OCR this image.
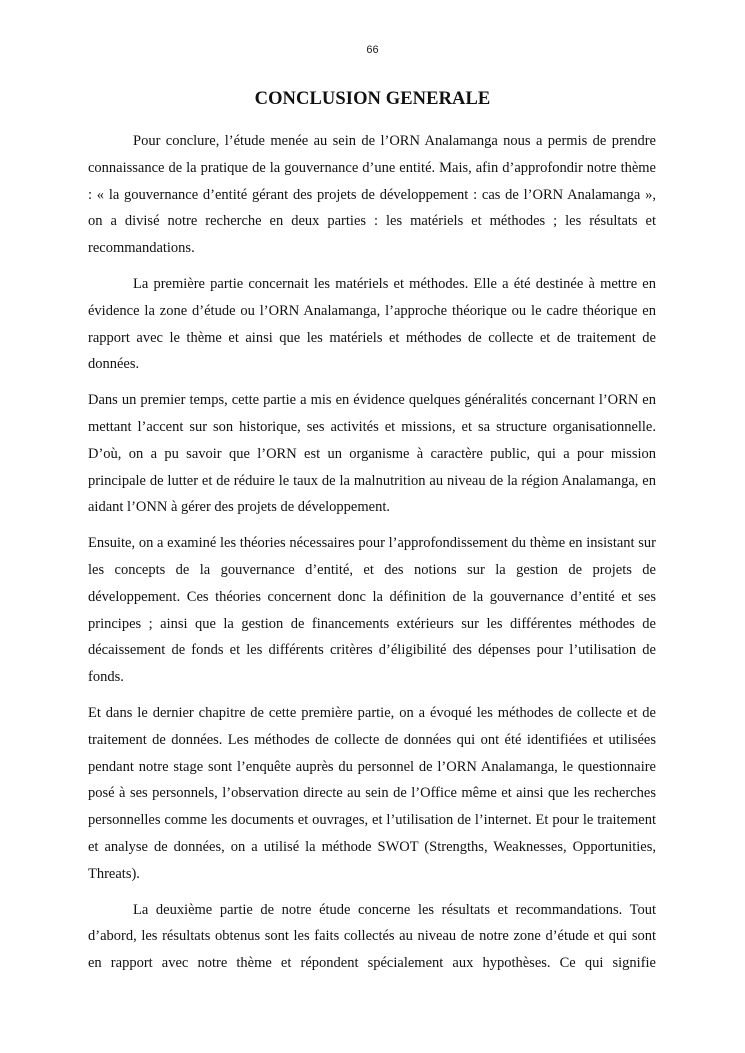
66
CONCLUSION GENERALE

Pour conclure, l’étude menée au sein de l’ORN Analamanga nous a permis de prendre connaissance de la pratique de la gouvernance d’une entité. Mais, afin d’approfondir notre thème : « la gouvernance d’entité gérant des projets de développement : cas de l’ORN Analamanga », on a divisé notre recherche en deux parties : les matériels et méthodes ; les résultats et recommandations.

La première partie concernait les matériels et méthodes. Elle a été destinée à mettre en évidence la zone d’étude ou l’ORN Analamanga, l’approche théorique ou le cadre théorique en rapport avec le thème et ainsi que les matériels et méthodes de collecte et de traitement de données.

Dans un premier temps, cette partie a mis en évidence quelques généralités concernant l’ORN en mettant l’accent sur son historique, ses activités et missions, et sa structure organisationnelle. D’où, on a pu savoir que l’ORN est un organisme à caractère public, qui a pour mission principale de lutter et de réduire le taux de la malnutrition au niveau de la région Analamanga, en aidant l’ONN à gérer des projets de développement.

Ensuite, on a examiné les théories nécessaires pour l’approfondissement du thème en insistant sur les concepts de la gouvernance d’entité, et des notions sur la gestion de projets de développement. Ces théories concernent donc la définition de la gouvernance d’entité et ses principes ; ainsi que la gestion de financements extérieurs sur les différentes méthodes de décaissement de fonds et les différents critères d’éligibilité des dépenses pour l’utilisation de fonds.

Et dans le dernier chapitre de cette première partie, on a évoqué les méthodes de collecte et de traitement de données. Les méthodes de collecte de données qui ont été identifiées et utilisées pendant notre stage sont l’enquête auprès du personnel de l’ORN Analamanga, le questionnaire posé à ses personnels, l’observation directe au sein de l’Office même et ainsi que les recherches personnelles comme les documents et ouvrages, et l’utilisation de l’internet. Et pour le traitement et analyse de données, on a utilisé la méthode SWOT (Strengths, Weaknesses, Opportunities, Threats).

La deuxième partie de notre étude concerne les résultats et recommandations. Tout d’abord, les résultats obtenus sont les faits collectés au niveau de notre zone d’étude et qui sont en rapport avec notre thème et répondent spécialement aux hypothèses. Ce qui signifie
